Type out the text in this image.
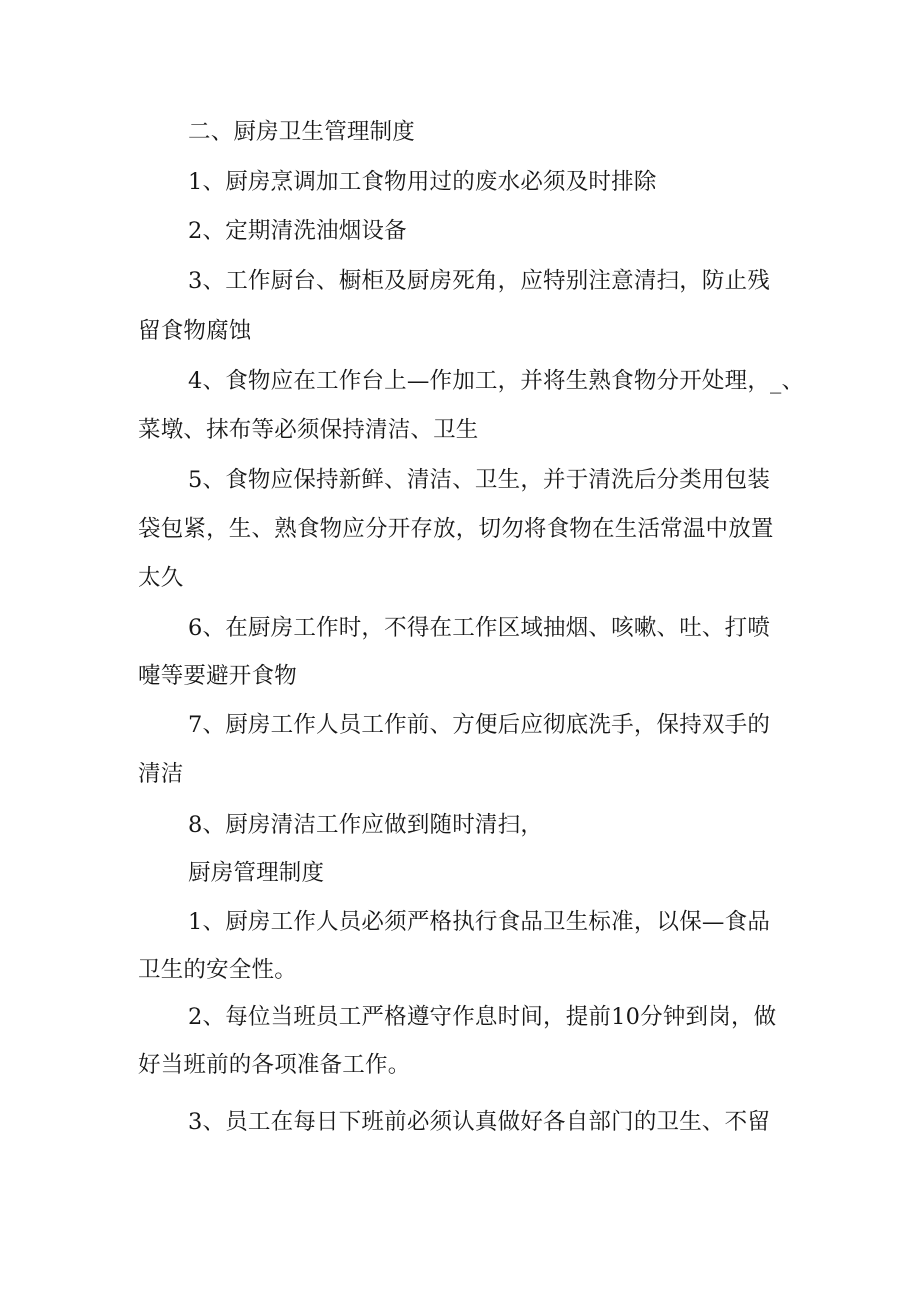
二、厨房卫生管理制度

1、厨房烹调加工食物用过的废水必须及时排除

2、定期清洗油烟设备

3、工作厨台、橱柜及厨房死角，应特别注意清扫，防止残

留食物腐蚀

4、食物应在工作台上—作加工，并将生熟食物分开处理，_、

菜墩、抹布等必须保持清洁、卫生

5、食物应保持新鲜、清洁、卫生，并于清洗后分类用包装

袋包紧，生、熟食物应分开存放，切勿将食物在生活常温中放置

太久

6、在厨房工作时，不得在工作区域抽烟、咳嗽、吐、打喷

嚏等要避开食物

7、厨房工作人员工作前、方便后应彻底洗手，保持双手的

清洁

8、厨房清洁工作应做到随时清扫，

厨房管理制度

1、厨房工作人员必须严格执行食品卫生标准，以保—食品

卫生的安全性。

2、每位当班员工严格遵守作息时间，提前10分钟到岗，做

好当班前的各项准备工作。

3、员工在每日下班前必须认真做好各自部门的卫生、不留
